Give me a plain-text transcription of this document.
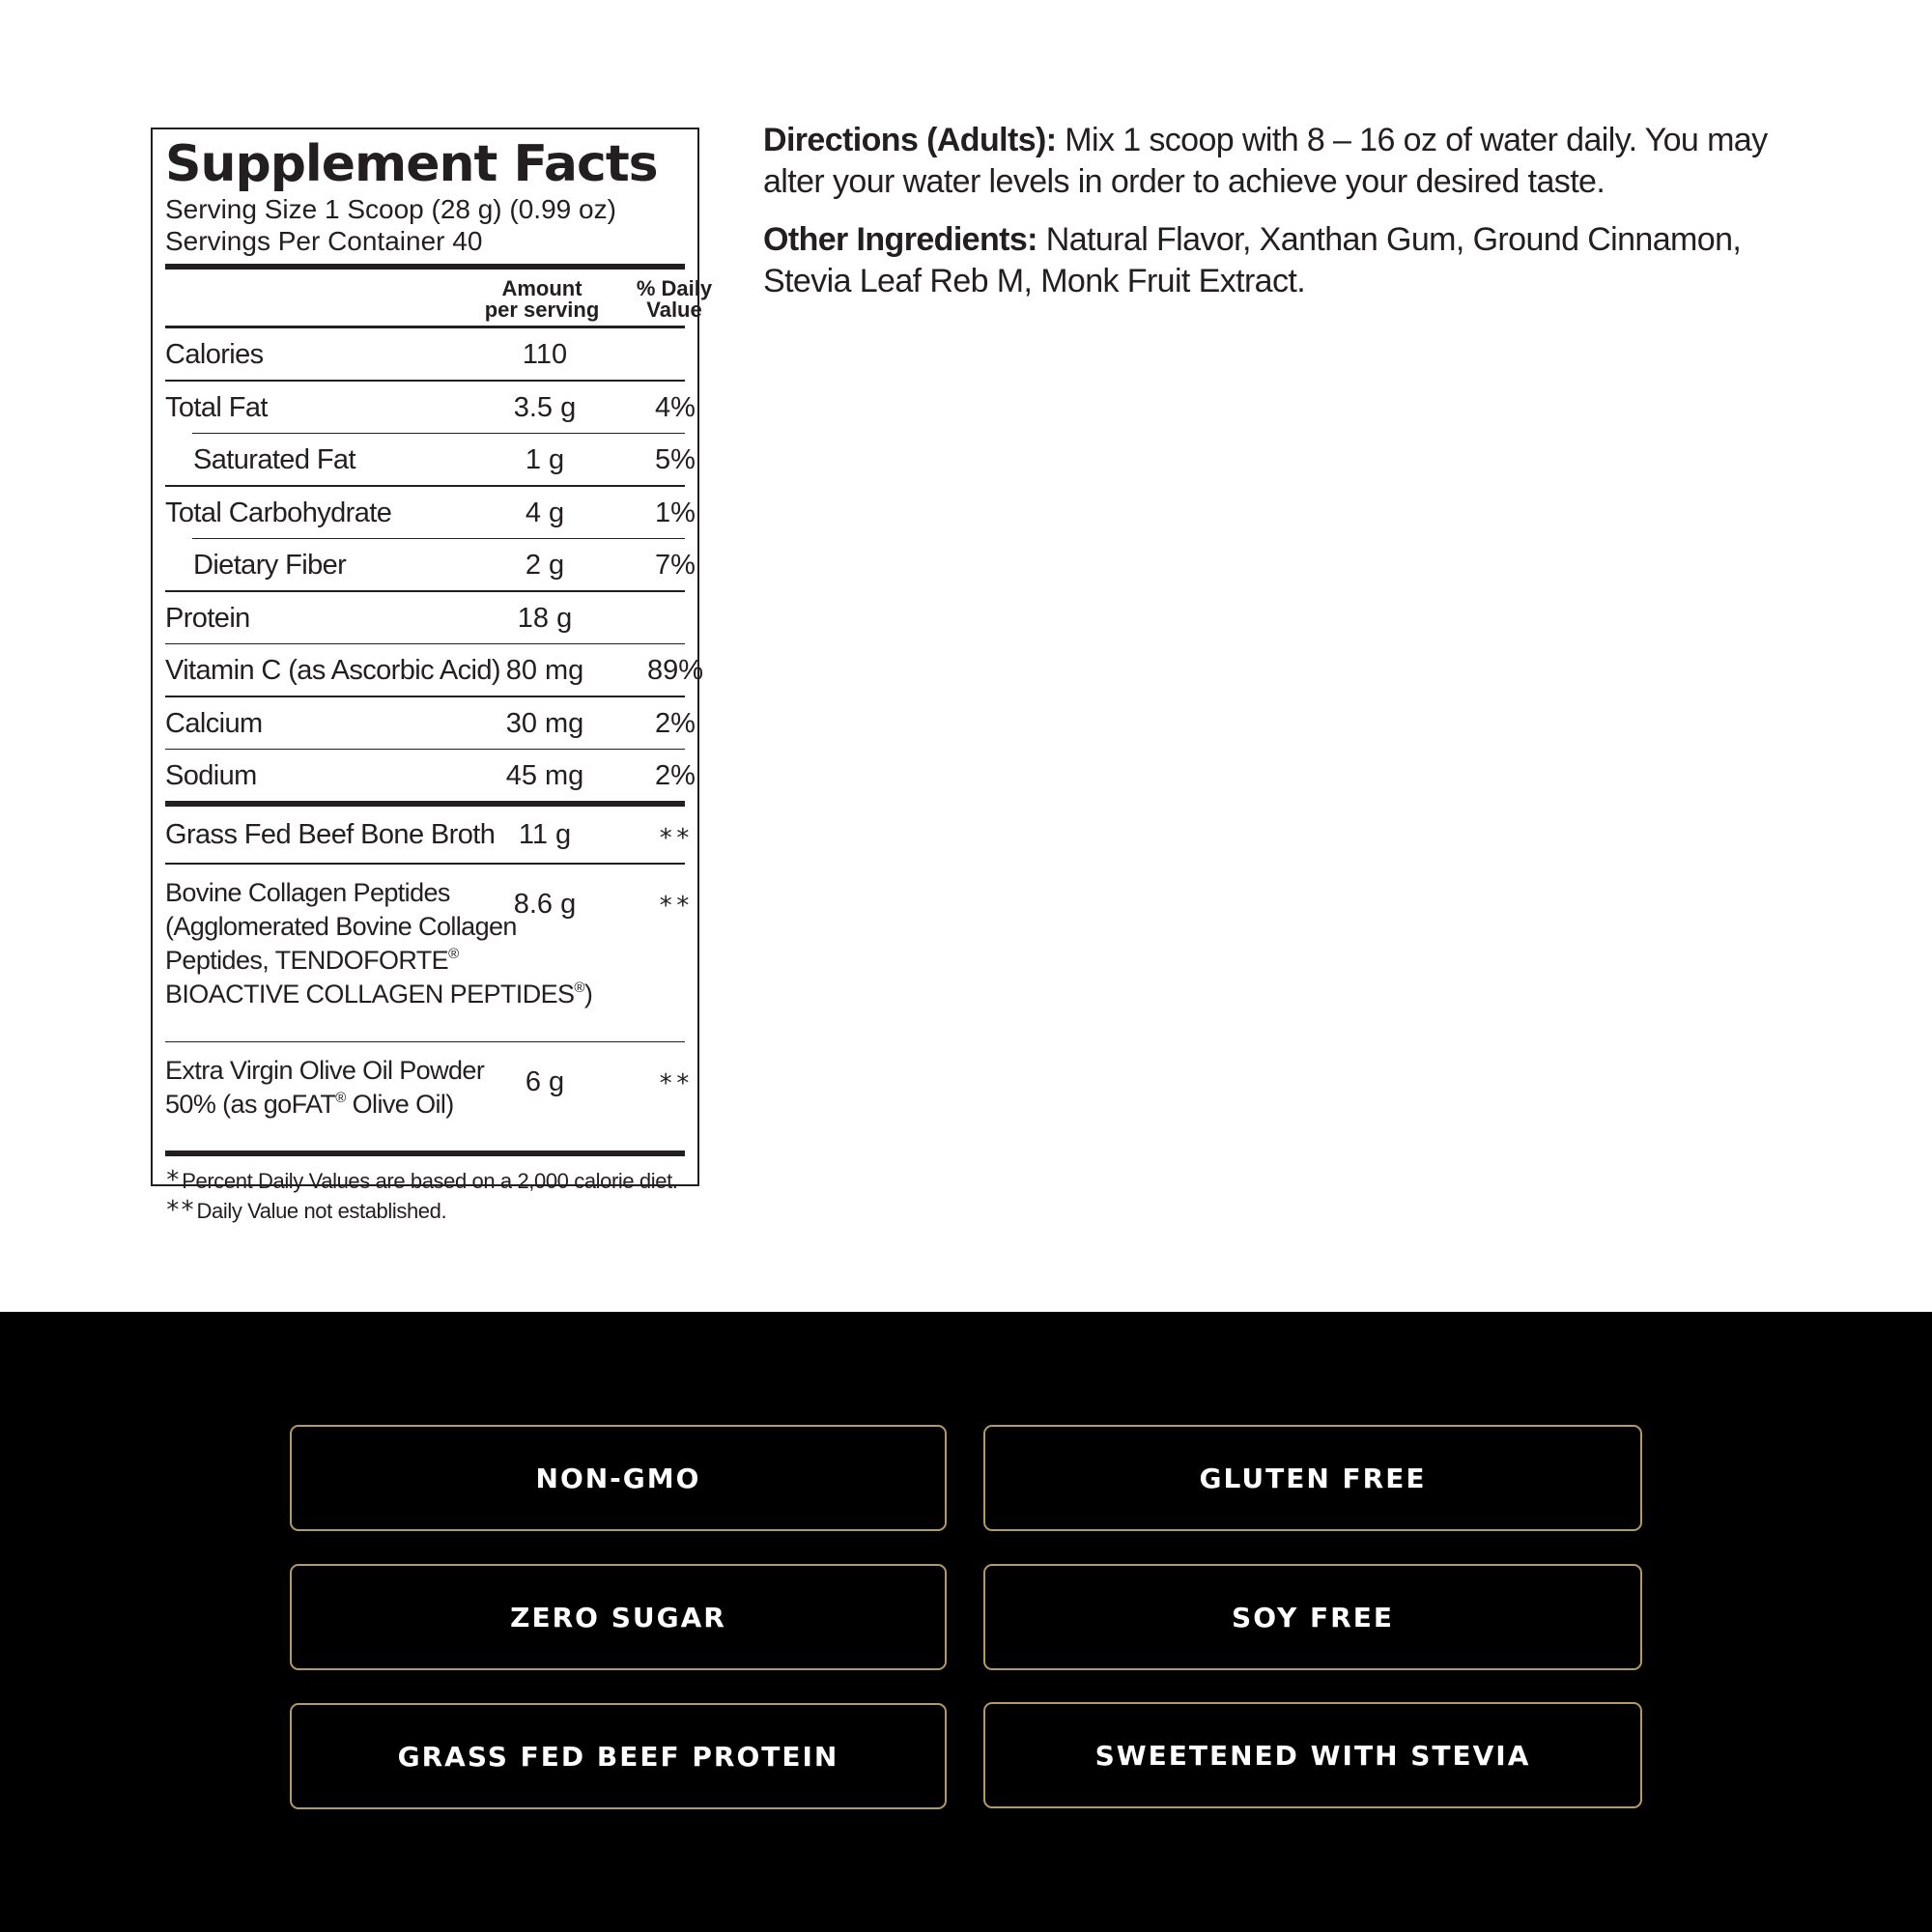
Supplement Facts
Serving Size 1 Scoop (28 g) (0.99 oz)
Servings Per Container 40
Amount
per serving
% Daily
Value
Calories	110
Total Fat	3.5 g	4%
Saturated Fat	1 g	5%
Total Carbohydrate	4 g	1%
Dietary Fiber	2 g	7%
Protein	18 g
Vitamin C (as Ascorbic Acid) 80 mg	89%
Calcium	30 mg	2%
Sodium	45 mg	2%
Grass Fed Beef Bone Broth 11 g	**
Bovine Collagen Peptides
(Agglomerated Bovine Collagen
Peptides, TENDOFORTE®
BIOACTIVE COLLAGEN PEPTIDES®)
8.6 g	**
Extra Virgin Olive Oil Powder
50% (as goFAT® Olive Oil)
6 g	**
*Percent Daily Values are based on a 2,000 calorie diet.
**Daily Value not established.

Directions (Adults): Mix 1 scoop with 8 – 16 oz of water daily. You may alter your water levels in order to achieve your desired taste.

Other Ingredients: Natural Flavor, Xanthan Gum, Ground Cinnamon, Stevia Leaf Reb M, Monk Fruit Extract.

NON-GMO	GLUTEN FREE
ZERO SUGAR	SOY FREE
GRASS FED BEEF PROTEIN	SWEETENED WITH STEVIA
